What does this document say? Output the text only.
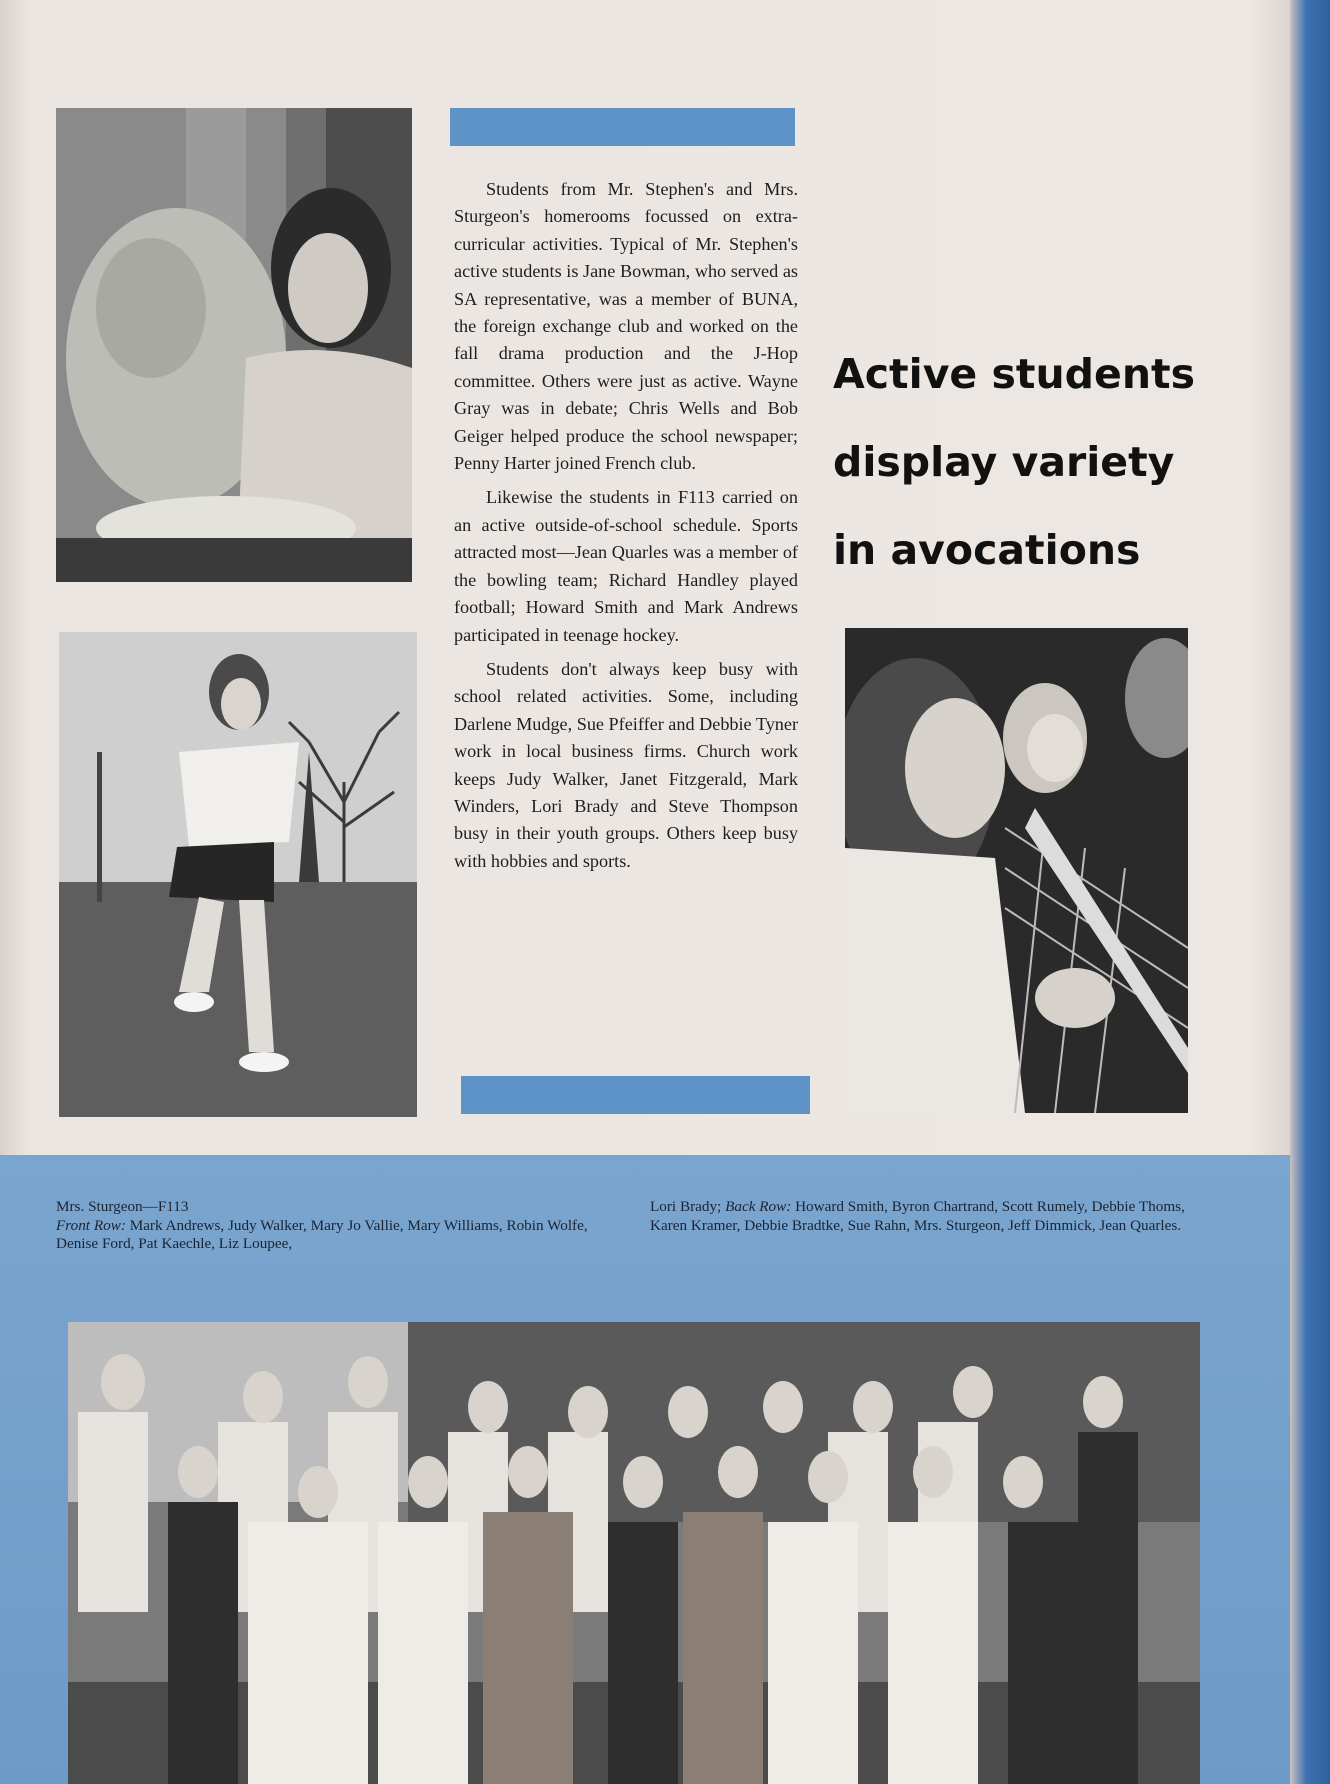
Students from Mr. Stephen's and Mrs. Sturgeon's homerooms focussed on extra-curricular activities. Typical of Mr. Stephen's active students is Jane Bowman, who served as SA representative, was a member of BUNA, the foreign exchange club and worked on the fall drama production and the J-Hop committee. Others were just as active. Wayne Gray was in debate; Chris Wells and Bob Geiger helped produce the school newspaper; Penny Harter joined French club.

Likewise the students in F113 carried on an active outside-of-school schedule. Sports attracted most—Jean Quarles was a member of the bowling team; Richard Handley played football; Howard Smith and Mark Andrews participated in teenage hockey.

Students don't always keep busy with school related activities. Some, including Darlene Mudge, Sue Pfeiffer and Debbie Tyner work in local business firms. Church work keeps Judy Walker, Janet Fitzgerald, Mark Winders, Lori Brady and Steve Thompson busy in their youth groups. Others keep busy with hobbies and sports.

Active students
display variety
in avocations
Mrs. Sturgeon—F113
Front Row: Mark Andrews, Judy Walker, Mary Jo Vallie, Mary Williams, Robin Wolfe, Denise Ford, Pat Kaechle, Liz Loupee,
Lori Brady; Back Row: Howard Smith, Byron Chartrand, Scott Rumely, Debbie Thoms, Karen Kramer, Debbie Bradtke, Sue Rahn, Mrs. Sturgeon, Jeff Dimmick, Jean Quarles.
